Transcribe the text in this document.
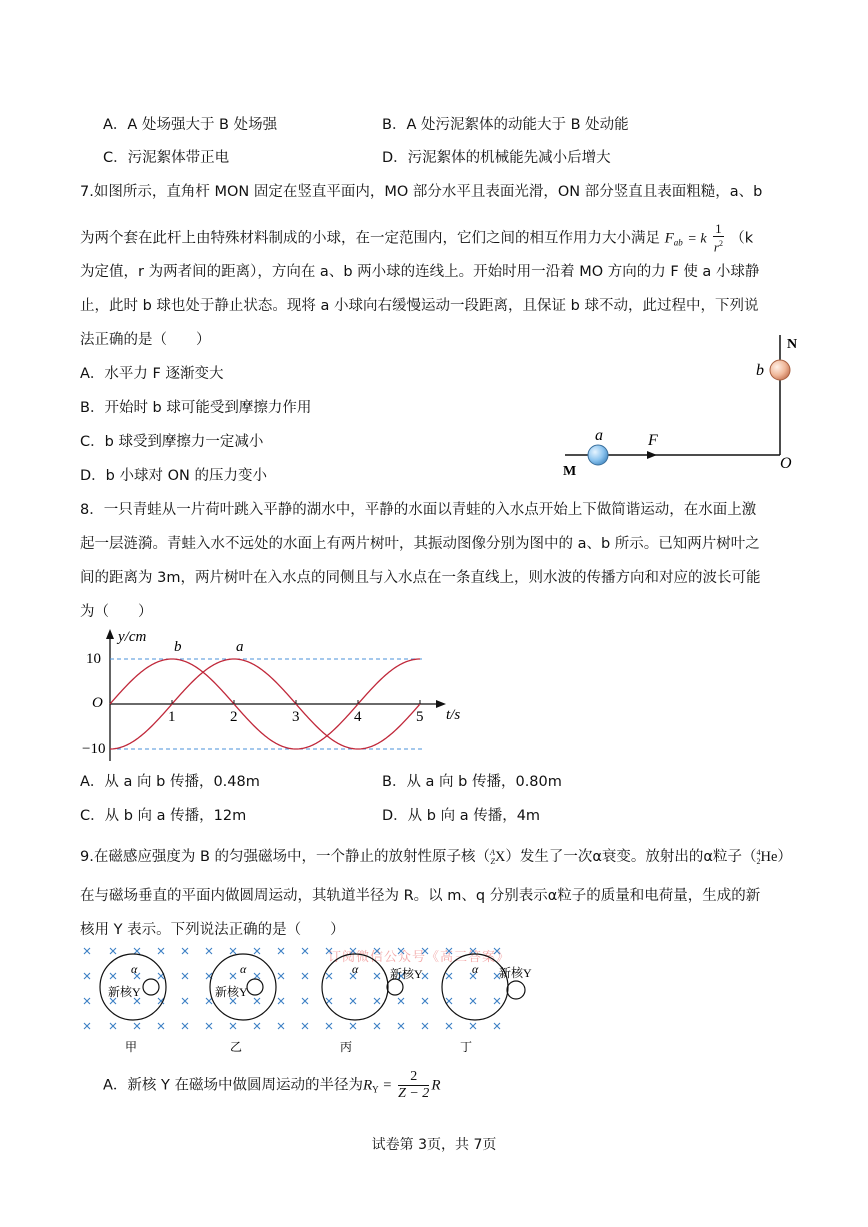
A．A 处场强大于 B 处场强	B．A 处污泥絮体的动能大于 B 处动能
C．污泥絮体带正电	D．污泥絮体的机械能先减小后增大
7.如图所示，直角杆 MON 固定在竖直平面内，MO 部分水平且表面光滑，ON 部分竖直且表面粗糙，a、b
为两个套在此杆上由特殊材料制成的小球，在一定范围内，它们之间的相互作用力大小满足 $F_{ab} = k \frac{1}{r^2} (k$
为定值，r 为两者间的距离），方向在 a、b 两小球的连线上。开始时用一沿着 MO 方向的力 F 使 a 小球静
止，此时 b 球也处于静止状态。现将 a 小球向右缓慢运动一段距离，且保证 b 球不动，此过程中，下列说
法正确的是（　　）
A．水平力 F 逐渐变大
B．开始时 b 球可能受到摩擦力作用
C．b 球受到摩擦力一定减小
D．b 小球对 ON 的压力变小
N
b
a	F
M	O
8．一只青蛙从一片荷叶跳入平静的湖水中，平静的水面以青蛙的入水点开始上下做简谐运动，在水面上激
起一层涟漪。青蛙入水不远处的水面上有两片树叶，其振动图像分别为图中的 a、b 所示。已知两片树叶之
间的距离为 3m，两片树叶在入水点的同侧且与入水点在一条直线上，则水波的传播方向和对应的波长可能
为（　　）
y/cm
t/s
O
10
−10
1	2	3	4	5
a
b
A．从 a 向 b 传播，0.48m	B．从 a 向 b 传播，0.80m
C．从 b 向 a 传播，12m	D．从 b 向 a 传播，4m
9.在磁感应强度为 B 的匀强磁场中，一个静止的放射性原子核（ A
Z X）发生了一次α衰变。放射出的α粒子（ 4
2 He）
在与磁场垂直的平面内做圆周运动，其轨道半径为 R。以 m、q 分别表示α粒子的质量和电荷量，生成的新
核用 Y 表示。下列说法正确的是（　　）
订阅微信公众号《高三答案》
α
新核Y
甲
α
新核Y
乙
α	新核Y
丙
α 新核Y
丁
A．新核 Y 在磁场中做圆周运动的半径为$R_Y = \frac{2}{Z - 2}$ R
试卷第 3页，共 7页
